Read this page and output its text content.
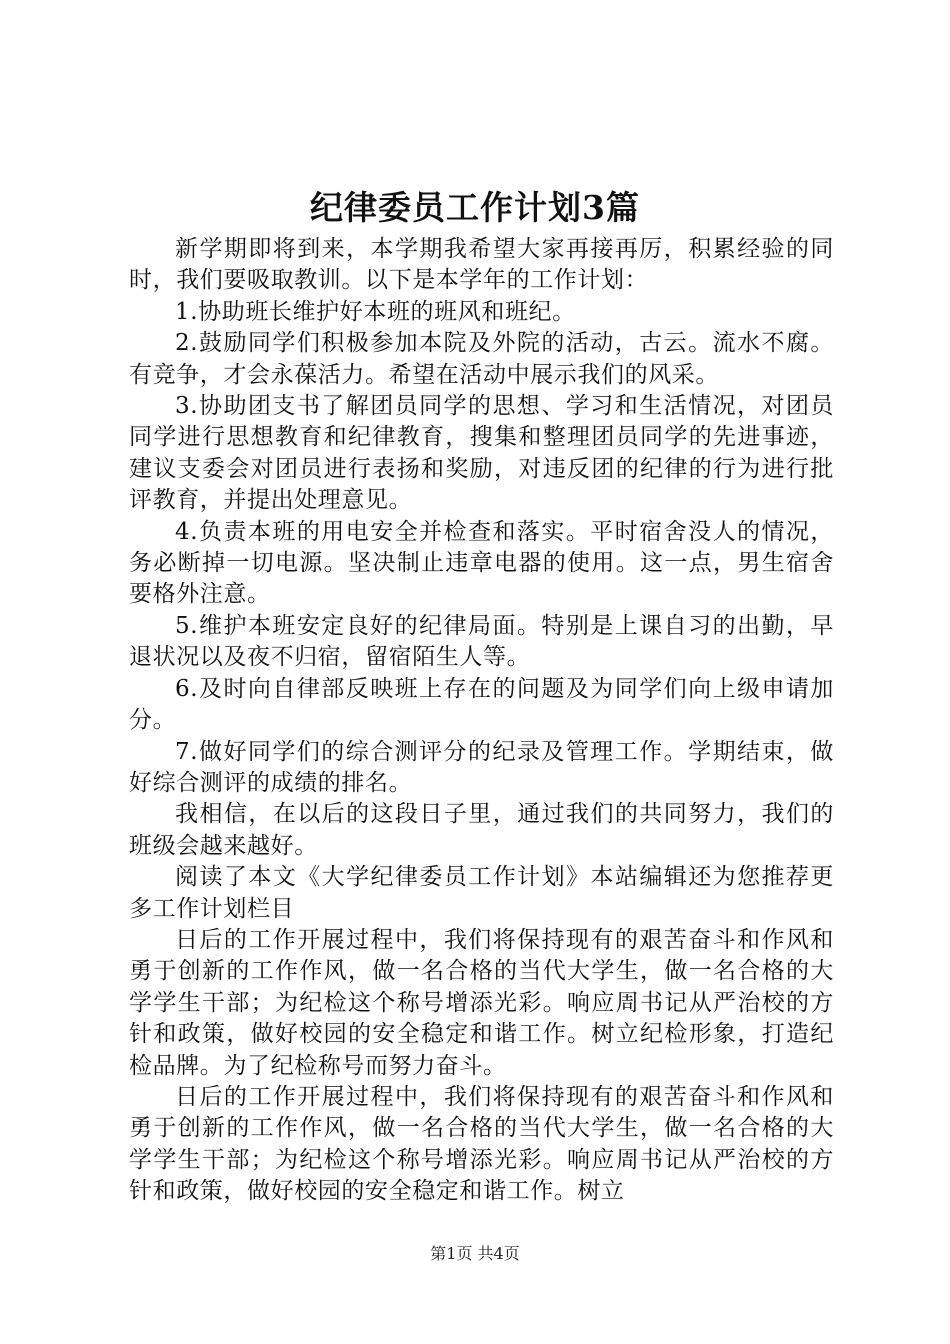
纪律委员工作计划3篇

新学期即将到来，本学期我希望大家再接再厉，积累经验的同时，我们要吸取教训。以下是本学年的工作计划：

1.协助班长维护好本班的班风和班纪。

2.鼓励同学们积极参加本院及外院的活动，古云。流水不腐。有竞争，才会永葆活力。希望在活动中展示我们的风采。

3.协助团支书了解团员同学的思想、学习和生活情况，对团员同学进行思想教育和纪律教育，搜集和整理团员同学的先进事迹，建议支委会对团员进行表扬和奖励，对违反团的纪律的行为进行批评教育，并提出处理意见。

4.负责本班的用电安全并检查和落实。平时宿舍没人的情况，务必断掉一切电源。坚决制止违章电器的使用。这一点，男生宿舍要格外注意。

5.维护本班安定良好的纪律局面。特别是上课自习的出勤，早退状况以及夜不归宿，留宿陌生人等。

6.及时向自律部反映班上存在的问题及为同学们向上级申请加分。

7.做好同学们的综合测评分的纪录及管理工作。学期结束，做好综合测评的成绩的排名。

我相信，在以后的这段日子里，通过我们的共同努力，我们的班级会越来越好。

阅读了本文《大学纪律委员工作计划》本站编辑还为您推荐更多工作计划栏目

日后的工作开展过程中，我们将保持现有的艰苦奋斗和作风和勇于创新的工作作风，做一名合格的当代大学生，做一名合格的大学学生干部；为纪检这个称号增添光彩。响应周书记从严治校的方针和政策，做好校园的安全稳定和谐工作。树立纪检形象，打造纪检品牌。为了纪检称号而努力奋斗。

日后的工作开展过程中，我们将保持现有的艰苦奋斗和作风和勇于创新的工作作风，做一名合格的当代大学生，做一名合格的大学学生干部；为纪检这个称号增添光彩。响应周书记从严治校的方针和政策，做好校园的安全稳定和谐工作。树立

第1页 共4页
